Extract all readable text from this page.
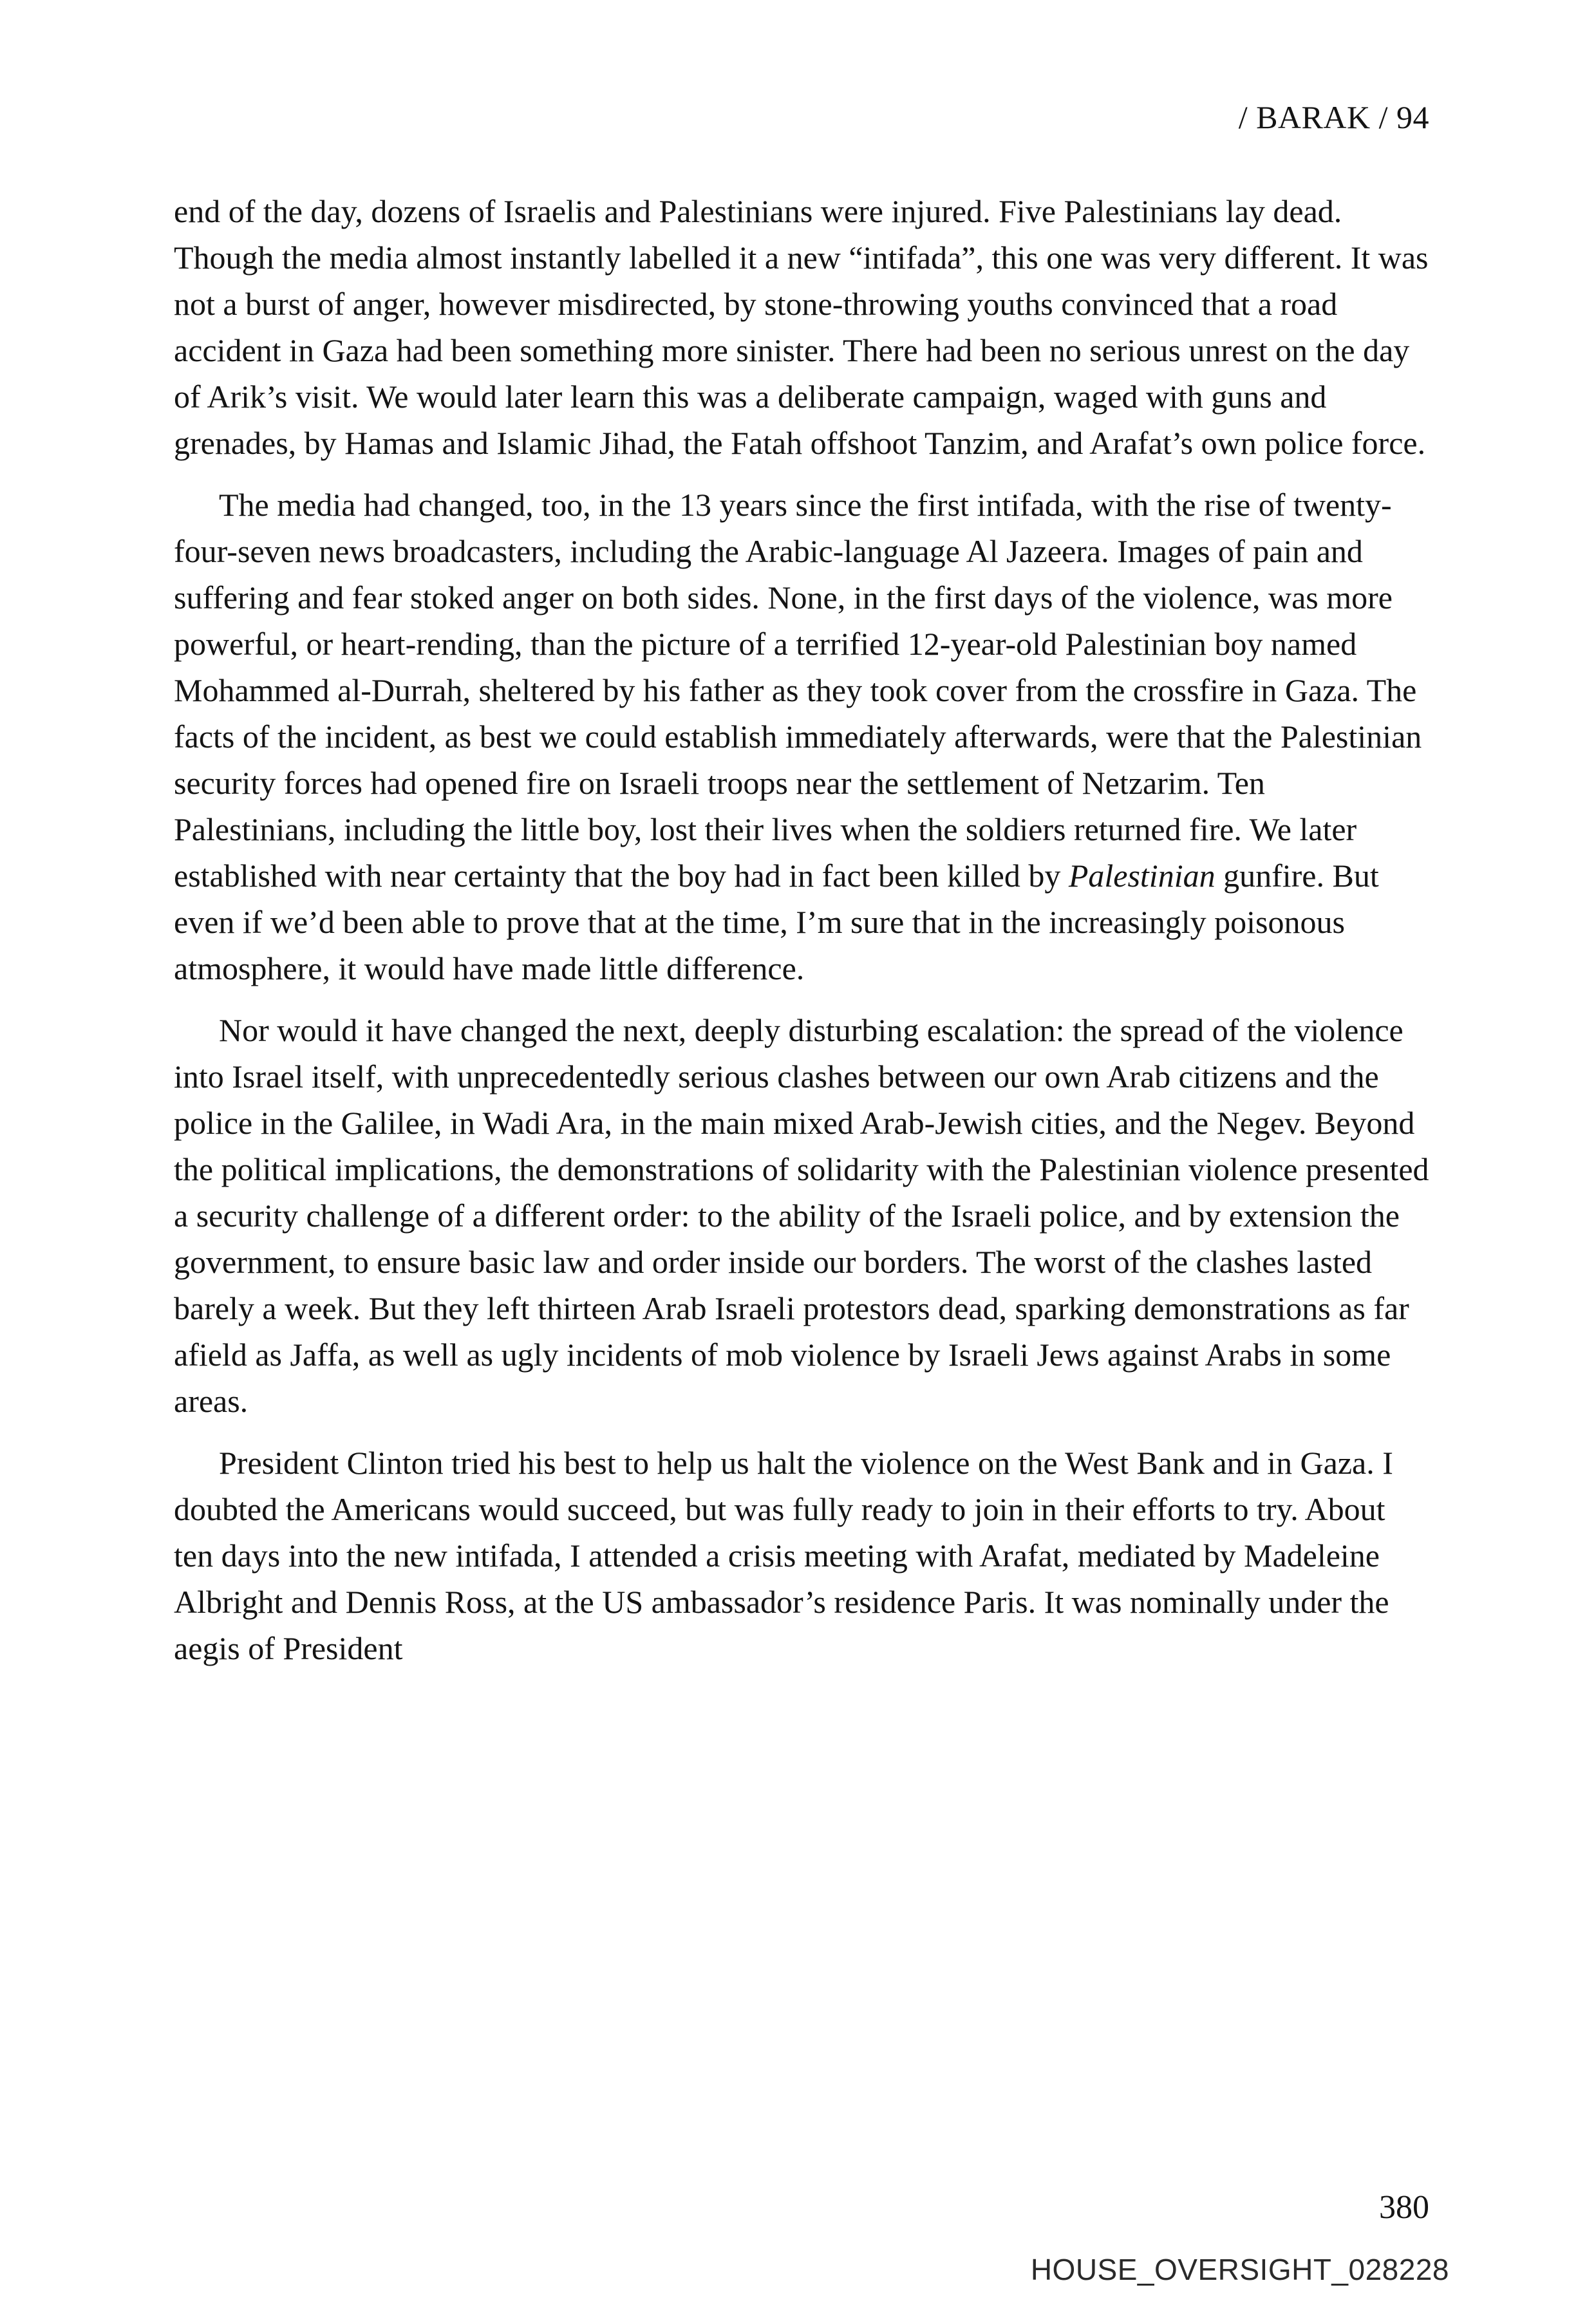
/ BARAK / 94

end of the day, dozens of Israelis and Palestinians were injured. Five Palestinians lay dead. Though the media almost instantly labelled it a new “intifada”, this one was very different. It was not a burst of anger, however misdirected, by stone-throwing youths convinced that a road accident in Gaza had been something more sinister. There had been no serious unrest on the day of Arik’s visit. We would later learn this was a deliberate campaign, waged with guns and grenades, by Hamas and Islamic Jihad, the Fatah offshoot Tanzim, and Arafat’s own police force.

The media had changed, too, in the 13 years since the first intifada, with the rise of twenty-four-seven news broadcasters, including the Arabic-language Al Jazeera. Images of pain and suffering and fear stoked anger on both sides. None, in the first days of the violence, was more powerful, or heart-rending, than the picture of a terrified 12-year-old Palestinian boy named Mohammed al-Durrah, sheltered by his father as they took cover from the crossfire in Gaza. The facts of the incident, as best we could establish immediately afterwards, were that the Palestinian security forces had opened fire on Israeli troops near the settlement of Netzarim. Ten Palestinians, including the little boy, lost their lives when the soldiers returned fire. We later established with near certainty that the boy had in fact been killed by Palestinian gunfire. But even if we’d been able to prove that at the time, I’m sure that in the increasingly poisonous atmosphere, it would have made little difference.

Nor would it have changed the next, deeply disturbing escalation: the spread of the violence into Israel itself, with unprecedentedly serious clashes between our own Arab citizens and the police in the Galilee, in Wadi Ara, in the main mixed Arab-Jewish cities, and the Negev. Beyond the political implications, the demonstrations of solidarity with the Palestinian violence presented a security challenge of a different order: to the ability of the Israeli police, and by extension the government, to ensure basic law and order inside our borders. The worst of the clashes lasted barely a week. But they left thirteen Arab Israeli protestors dead, sparking demonstrations as far afield as Jaffa, as well as ugly incidents of mob violence by Israeli Jews against Arabs in some areas.

President Clinton tried his best to help us halt the violence on the West Bank and in Gaza. I doubted the Americans would succeed, but was fully ready to join in their efforts to try. About ten days into the new intifada, I attended a crisis meeting with Arafat, mediated by Madeleine Albright and Dennis Ross, at the US ambassador’s residence Paris. It was nominally under the aegis of President

380
HOUSE_OVERSIGHT_028228
